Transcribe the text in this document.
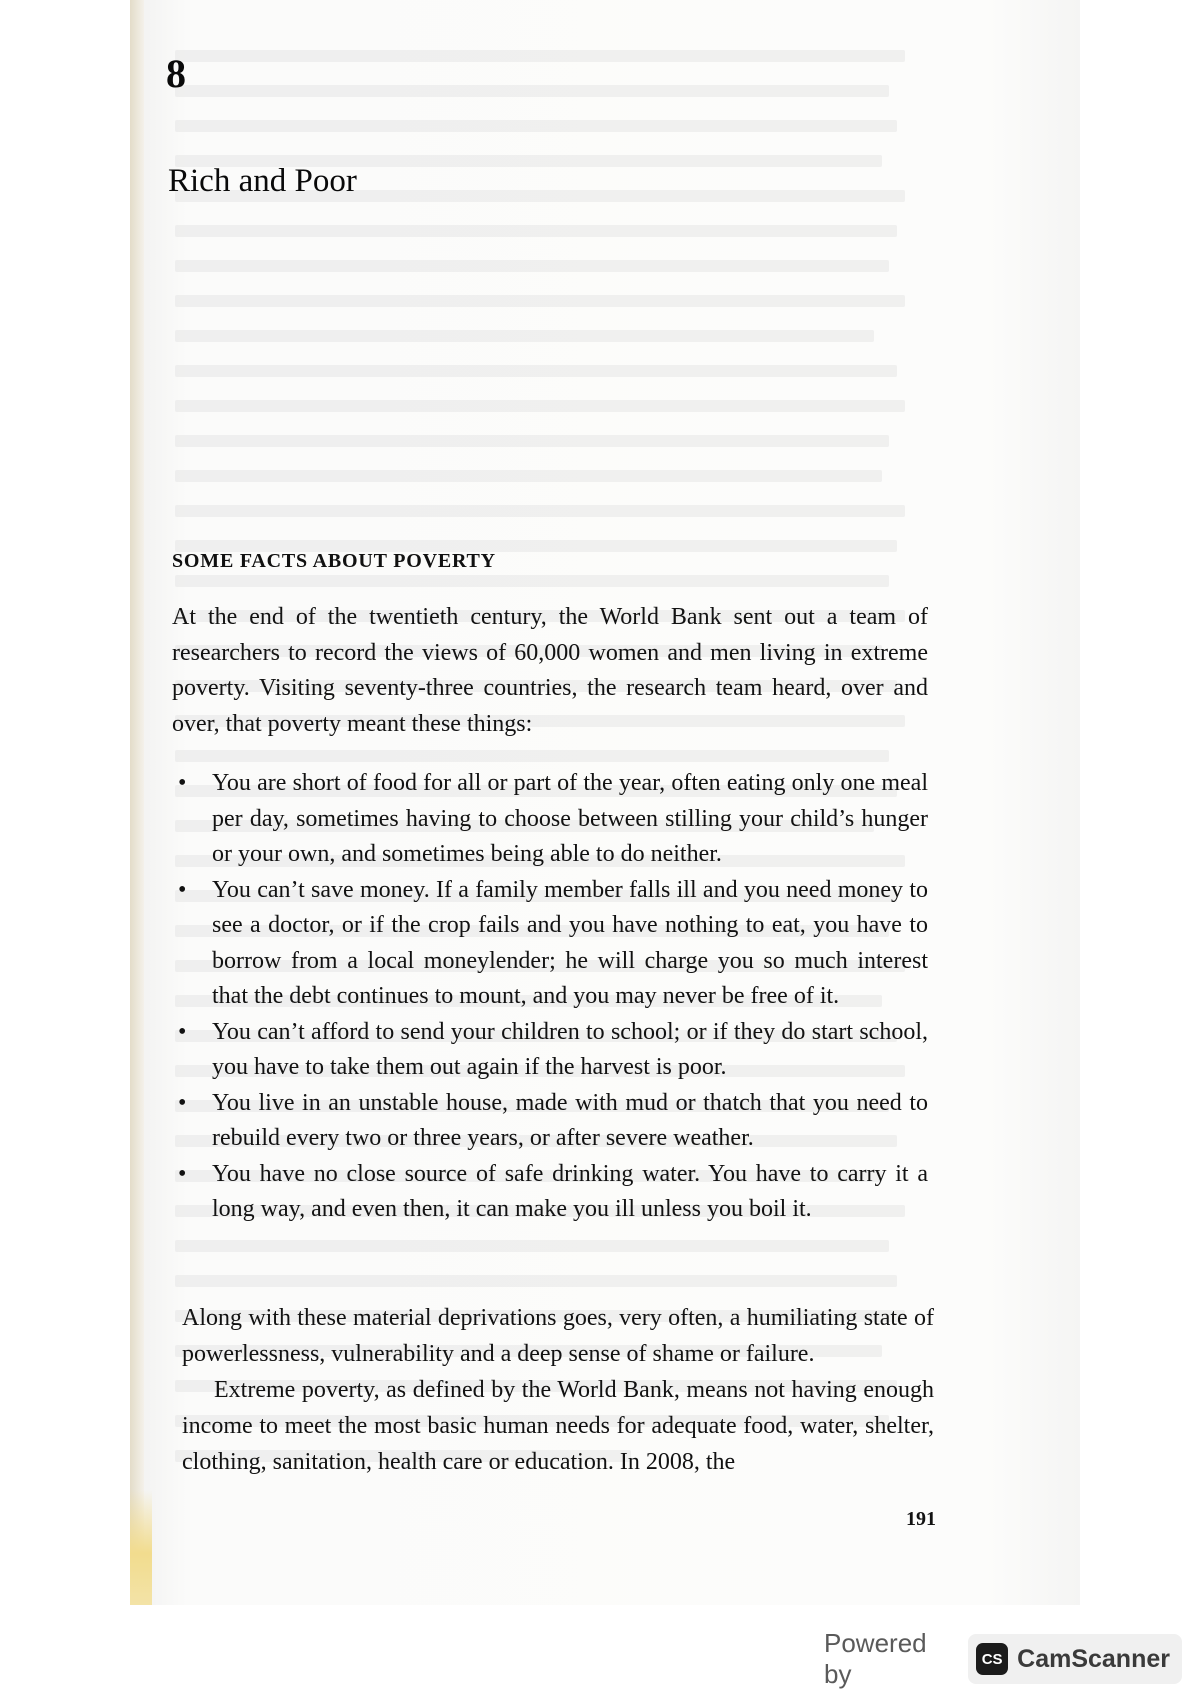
8
Rich and Poor
SOME FACTS ABOUT POVERTY

At the end of the twentieth century, the World Bank sent out a team of researchers to record the views of 60,000 women and men living in extreme poverty. Visiting seventy-three countries, the research team heard, over and over, that poverty meant these things:

• You are short of food for all or part of the year, often eating only one meal per day, sometimes having to choose between stilling your child’s hunger or your own, and sometimes being able to do neither.
• You can’t save money. If a family member falls ill and you need money to see a doctor, or if the crop fails and you have nothing to eat, you have to borrow from a local moneylender; he will charge you so much interest that the debt continues to mount, and you may never be free of it.
• You can’t afford to send your children to school; or if they do start school, you have to take them out again if the harvest is poor.
• You live in an unstable house, made with mud or thatch that you need to rebuild every two or three years, or after severe weather.
• You have no close source of safe drinking water. You have to carry it a long way, and even then, it can make you ill unless you boil it.

Along with these material deprivations goes, very often, a humiliating state of powerlessness, vulnerability and a deep sense of shame or failure.

Extreme poverty, as defined by the World Bank, means not having enough income to meet the most basic human needs for adequate food, water, shelter, clothing, sanitation, health care or education. In 2008, the

191
Powered by	CS CamScanner
